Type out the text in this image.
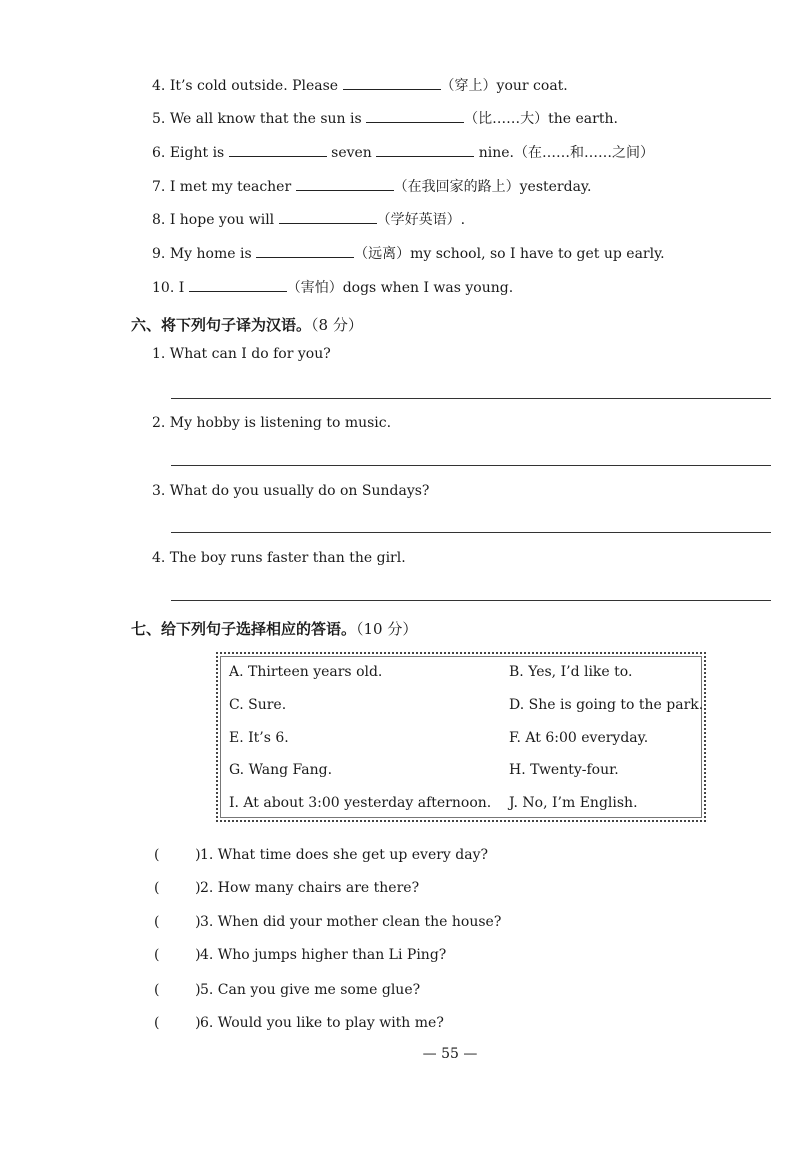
4. It’s cold outside. Please	（穿上）your coat.
5. We all know that the sun is	（比……大）the earth.
6. Eight is	seven	nine.（在……和……之间）
7. I met my teacher	（在我回家的路上）yesterday.
8. I hope you will	（学好英语）.
9. My home is	（远离）my school, so I have to get up early.
10. I	（害怕）dogs when I was young.
六、将下列句子译为汉语。（8 分）
1. What can I do for you?
2. My hobby is listening to music.
3. What do you usually do on Sundays?
4. The boy runs faster than the girl.
七、给下列句子选择相应的答语。（10 分）
A. Thirteen years old.	B. Yes, I’d like to.
C. Sure.	D. She is going to the park.
E. It’s 6.	F. At 6:00 everyday.
G. Wang Fang.	H. Twenty-four.
I. At about 3:00 yesterday afternoon. J. No, I’m English.
(        )1. What time does she get up every day?
(        )2. How many chairs are there?
(        )3. When did your mother clean the house?
(        )4. Who jumps higher than Li Ping?
(        )5. Can you give me some glue?
(        )6. Would you like to play with me?
— 55 —
